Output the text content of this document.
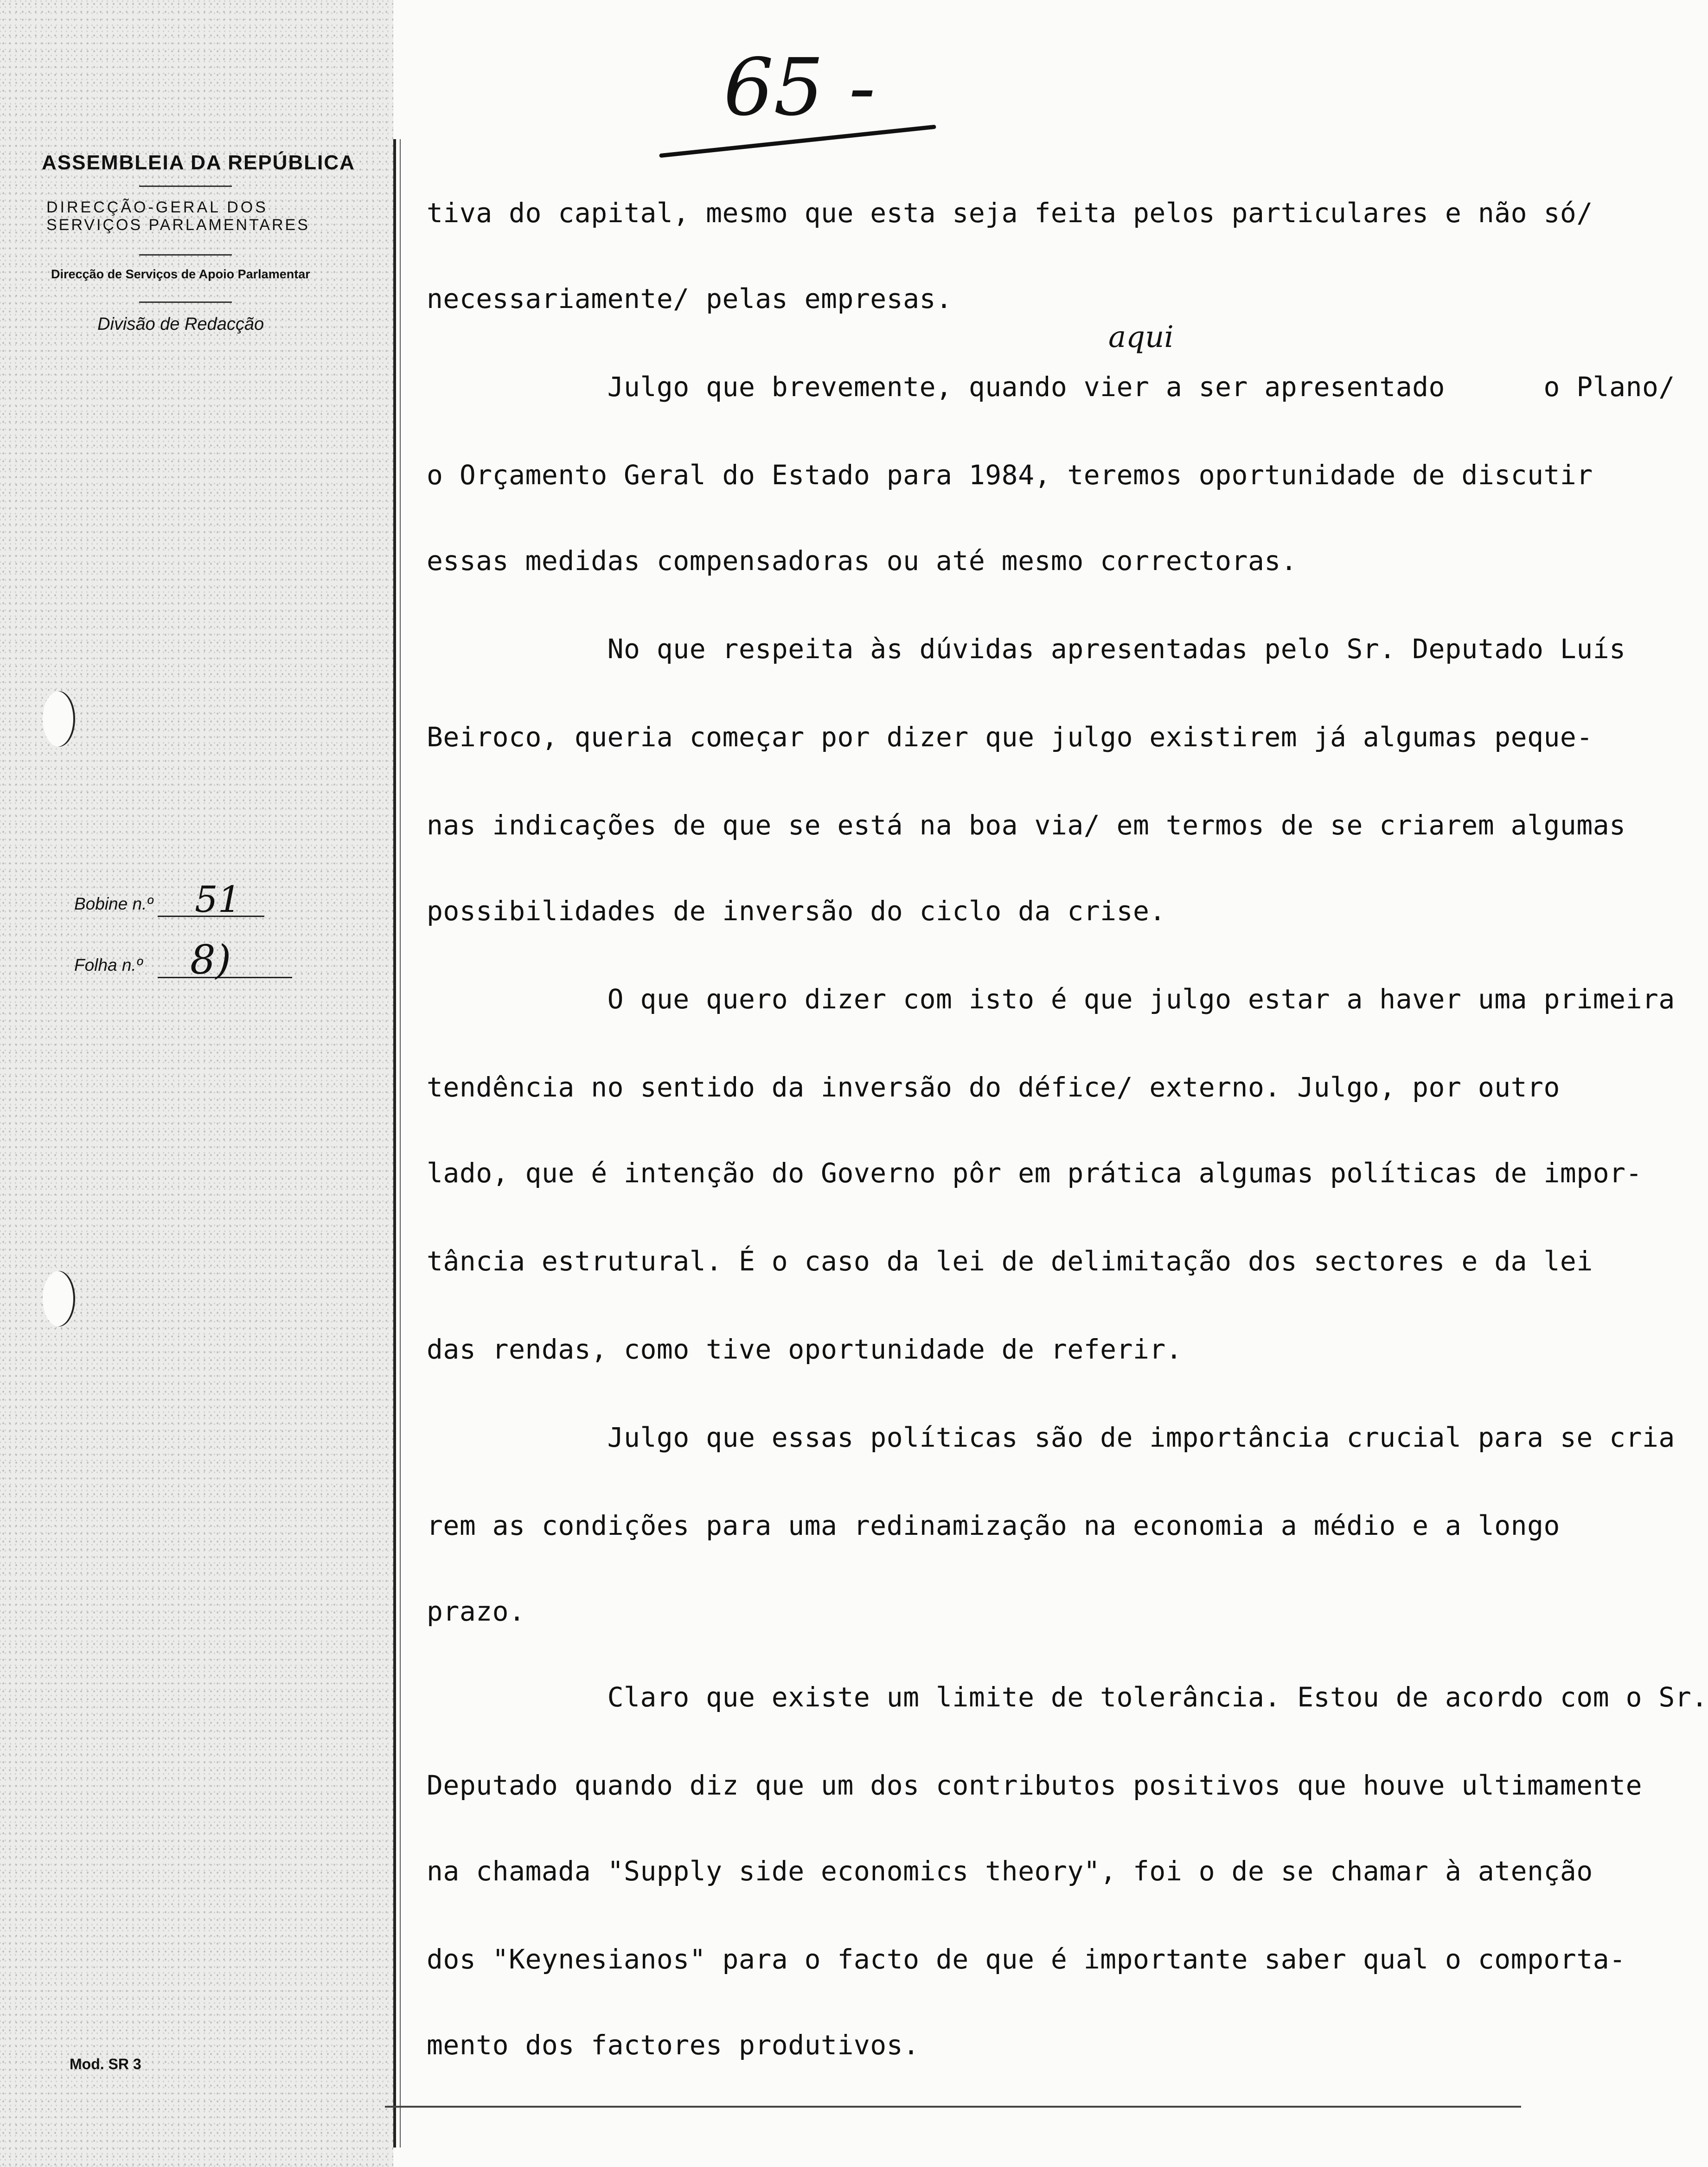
65 -
ASSEMBLEIA DA REPÚBLICA
DIRECÇÃO-GERAL DOS
SERVIÇOS PARLAMENTARES
Direcção de Serviços de Apoio Parlamentar
Divisão de Redacção
Bobine n.º 51
Folha n.º 8)
Mod. SR 3
aqui
tiva do capital, mesmo que esta seja feita pelos particulares e não só/
necessariamente/ pelas empresas.
Julgo que brevemente, quando vier a ser apresentado      o Plano/
o Orçamento Geral do Estado para 1984, teremos oportunidade de discutir
essas medidas compensadoras ou até mesmo correctoras.
No que respeita às dúvidas apresentadas pelo Sr. Deputado Luís
Beiroco, queria começar por dizer que julgo existirem já algumas peque-
nas indicações de que se está na boa via/ em termos de se criarem algumas
possibilidades de inversão do ciclo da crise.
O que quero dizer com isto é que julgo estar a haver uma primeira
tendência no sentido da inversão do défice/ externo. Julgo, por outro
lado, que é intenção do Governo pôr em prática algumas políticas de impor-
tância estrutural. É o caso da lei de delimitação dos sectores e da lei
das rendas, como tive oportunidade de referir.
Julgo que essas políticas são de importância crucial para se cria
rem as condições para uma redinamização na economia a médio e a longo
prazo.
Claro que existe um limite de tolerância. Estou de acordo com o Sr.
Deputado quando diz que um dos contributos positivos que houve ultimamente
na chamada "Supply side economics theory", foi o de se chamar à atenção
dos "Keynesianos" para o facto de que é importante saber qual o comporta-
mento dos factores produtivos.
